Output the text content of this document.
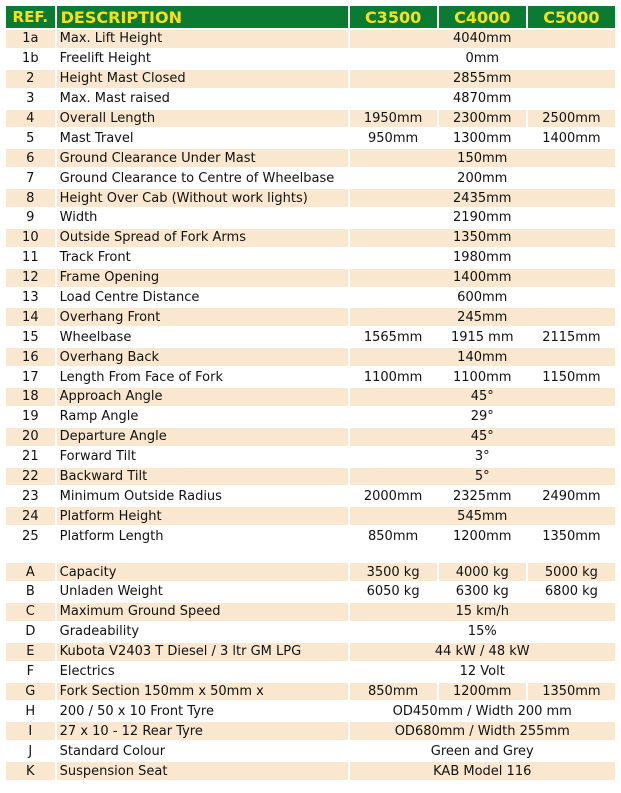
REF.	DESCRIPTION	C3500	C4000	C5000
1a	Max. Lift Height	4040mm		
1b	Freelift Height	0mm		
2	Height Mast Closed	2855mm		
3	Max. Mast raised	4870mm		
4	Overall Length	1950mm	2300mm	2500mm
5	Mast Travel	950mm	1300mm	1400mm
6	Ground Clearance Under Mast	150mm		
7	Ground Clearance to Centre of Wheelbase	200mm		
8	Height Over Cab (Without work lights)	2435mm		
9	Width	2190mm		
10	Outside Spread of Fork Arms	1350mm		
11	Track Front	1980mm		
12	Frame Opening	1400mm		
13	Load Centre Distance	600mm		
14	Overhang Front	245mm		
15	Wheelbase	1565mm	1915 mm	2115mm
16	Overhang Back	140mm		
17	Length From Face of Fork	1100mm	1100mm	1150mm
18	Approach Angle	45°		
19	Ramp Angle	29°		
20	Departure Angle	45°		
21	Forward Tilt	3°		
22	Backward Tilt	5°		
23	Minimum Outside Radius	2000mm	2325mm	2490mm
24	Platform Height	545mm		
25	Platform Length	850mm	1200mm	1350mm

A	Capacity	3500 kg	4000 kg	5000 kg
B	Unladen Weight	6050 kg	6300 kg	6800 kg
C	Maximum Ground Speed	15 km/h		
D	Gradeability	15%		
E	Kubota V2403 T Diesel / 3 ltr GM LPG	44 kW / 48 kW		
F	Electrics	12 Volt		
G	Fork Section 150mm x 50mm x	850mm	1200mm	1350mm
H	200 / 50 x 10 Front Tyre	OD450mm / Width 200 mm		
I	27 x 10 - 12 Rear Tyre	OD680mm / Width 255mm		
J	Standard Colour	Green and Grey		
K	Suspension Seat	KAB Model 116		
